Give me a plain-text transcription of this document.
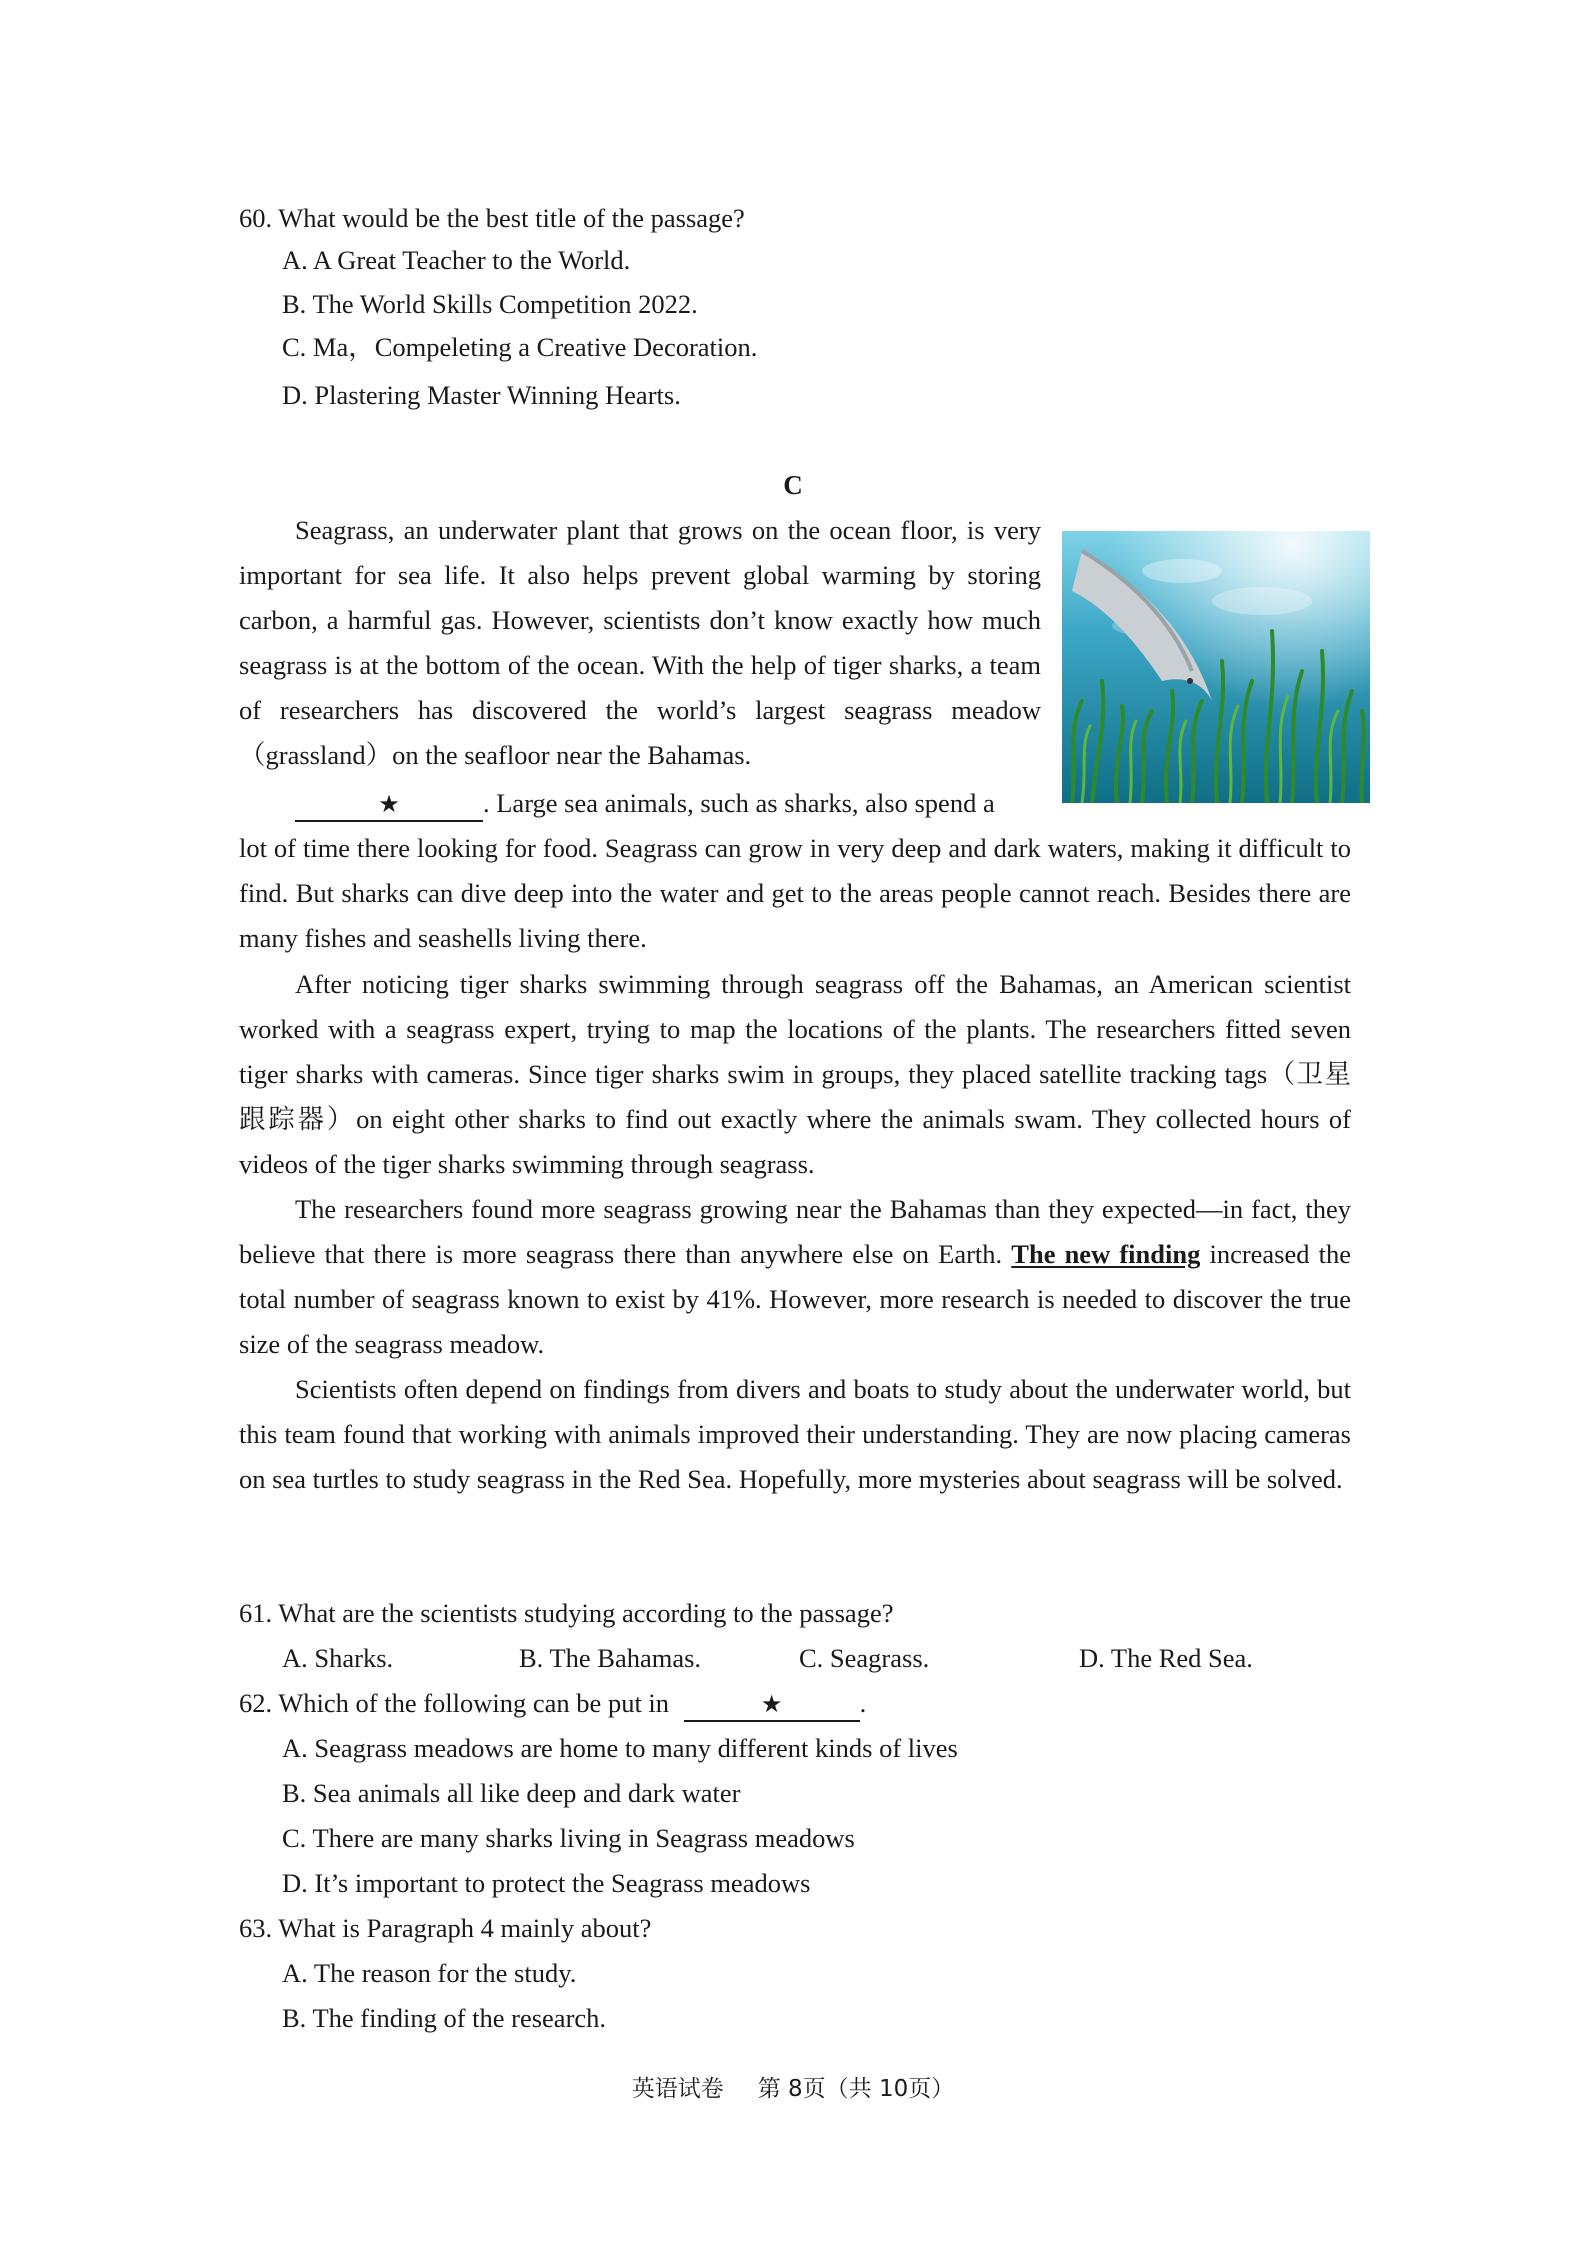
60. What would be the best title of the passage?
A. A Great Teacher to the World.
B. The World Skills Competition 2022.
C. Ma，Compeleting a Creative Decoration.
D. Plastering Master Winning Hearts.
C
Seagrass, an underwater plant that grows on the ocean floor, is very important for sea life. It also helps prevent global warming by storing carbon, a harmful gas. However, scientists don’t know exactly how much seagrass is at the bottom of the ocean. With the help of tiger sharks, a team of researchers has discovered the world’s largest seagrass meadow（grassland）on the seafloor near the Bahamas.
★	. Large sea animals, such as sharks, also spend a
lot of time there looking for food. Seagrass can grow in very deep and dark waters, making it difficult to find. But sharks can dive deep into the water and get to the areas people cannot reach. Besides there are many fishes and seashells living there.
After noticing tiger sharks swimming through seagrass off the Bahamas, an American scientist worked with a seagrass expert, trying to map the locations of the plants. The researchers fitted seven tiger sharks with cameras. Since tiger sharks swim in groups, they placed satellite tracking tags（卫星跟踪器）on eight other sharks to find out exactly where the animals swam. They collected hours of videos of the tiger sharks swimming through seagrass.
The researchers found more seagrass growing near the Bahamas than they expected—in fact, they believe that there is more seagrass there than anywhere else on Earth. The new finding increased the total number of seagrass known to exist by 41%. However, more research is needed to discover the true size of the seagrass meadow.
Scientists often depend on findings from divers and boats to study about the underwater world, but this team found that working with animals improved their understanding. They are now placing cameras on sea turtles to study seagrass in the Red Sea. Hopefully, more mysteries about seagrass will be solved.
61. What are the scientists studying according to the passage?
A. Sharks.	B. The Bahamas.	C. Seagrass.	D. The Red Sea.
62. Which of the following can be put in	★	.
A. Seagrass meadows are home to many different kinds of lives
B. Sea animals all like deep and dark water
C. There are many sharks living in Seagrass meadows
D. It’s important to protect the Seagrass meadows
63. What is Paragraph 4 mainly about?
A. The reason for the study.
B. The finding of the research.
英语试卷 第 8页（共 10页）
